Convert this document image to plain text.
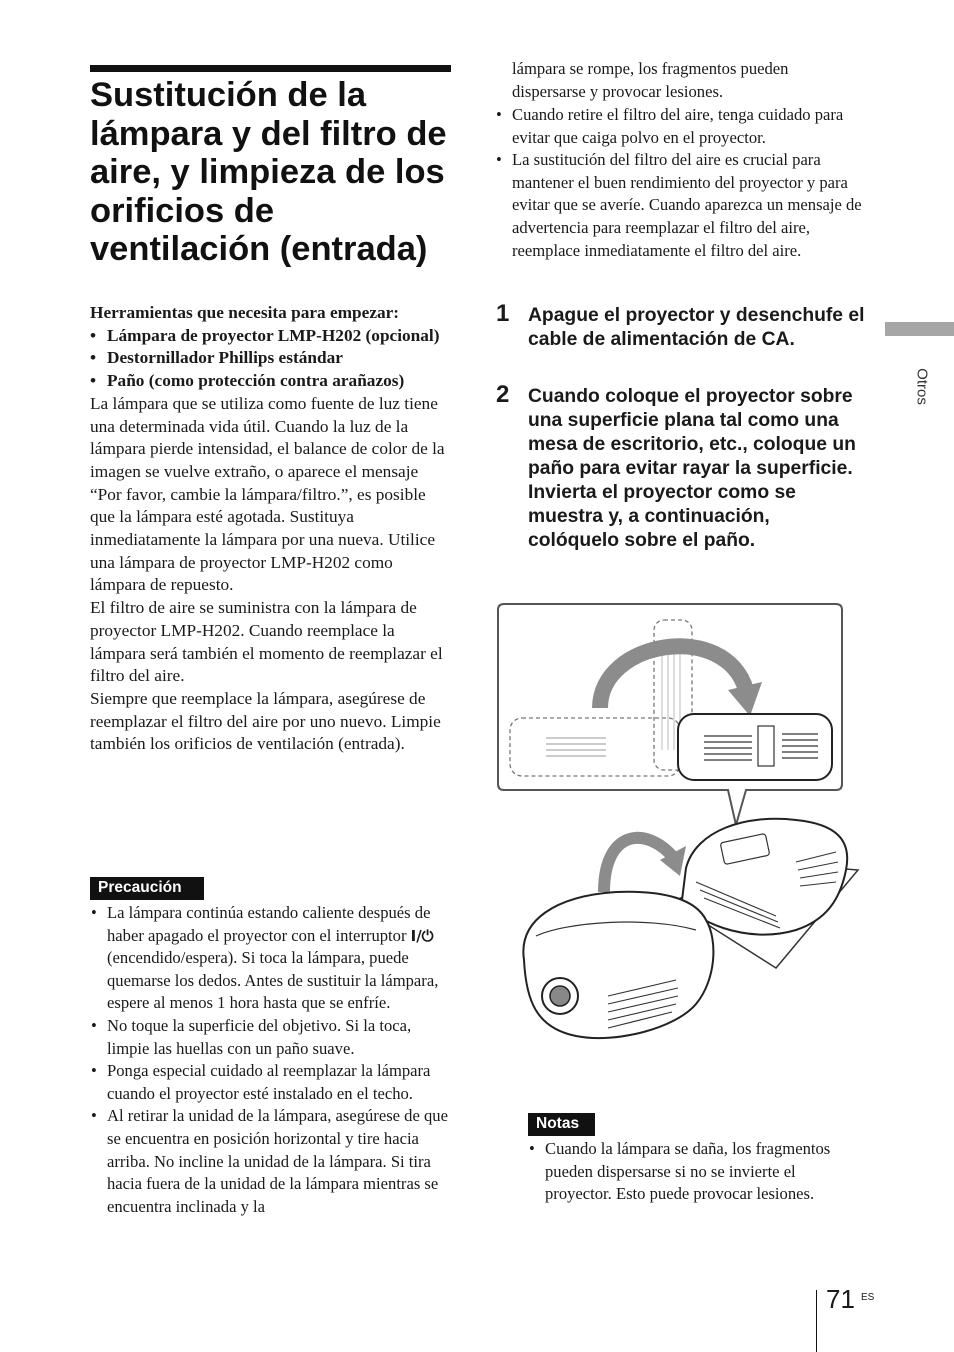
Sustitución de la lámpara y del filtro de aire, y limpieza de los orificios de ventilación (entrada)

Herramientas que necesita para empezar:

• Lámpara de proyector LMP-H202 (opcional)
• Destornillador Phillips estándar
• Paño (como protección contra arañazos)

La lámpara que se utiliza como fuente de luz tiene una determinada vida útil. Cuando la luz de la lámpara pierde intensidad, el balance de color de la imagen se vuelve extraño, o aparece el mensaje “Por favor, cambie la lámpara/filtro.”, es posible que la lámpara esté agotada. Sustituya inmediatamente la lámpara por una nueva. Utilice una lámpara de proyector LMP-H202 como lámpara de repuesto.

El filtro de aire se suministra con la lámpara de proyector LMP-H202. Cuando reemplace la lámpara será también el momento de reemplazar el filtro del aire.

Siempre que reemplace la lámpara, asegúrese de reemplazar el filtro del aire por uno nuevo. Limpie también los orificios de ventilación (entrada).

Precaución
• La lámpara continúa estando caliente después de haber apagado el proyector con el interruptor I/⏻ (encendido/espera). Si toca la lámpara, puede quemarse los dedos. Antes de sustituir la lámpara, espere al menos 1 hora hasta que se enfríe.
• No toque la superficie del objetivo. Si la toca, limpie las huellas con un paño suave.
• Ponga especial cuidado al reemplazar la lámpara cuando el proyector esté instalado en el techo.
• Al retirar la unidad de la lámpara, asegúrese de que se encuentra en posición horizontal y tire hacia arriba. No incline la unidad de la lámpara. Si tira hacia fuera de la unidad de la lámpara mientras se encuentra inclinada y la

lámpara se rompe, los fragmentos pueden dispersarse y provocar lesiones.

• Cuando retire el filtro del aire, tenga cuidado para evitar que caiga polvo en el proyector.
• La sustitución del filtro del aire es crucial para mantener el buen rendimiento del proyector y para evitar que se averíe. Cuando aparezca un mensaje de advertencia para reemplazar el filtro del aire, reemplace inmediatamente el filtro del aire.
1 Apague el proyector y desenchufe el cable de alimentación de CA.

2 Cuando coloque el proyector sobre una superficie plana tal como una mesa de escritorio, etc., coloque un paño para evitar rayar la superficie. Invierta el proyector como se muestra y, a continuación, colóquelo sobre el paño.

Otros
Notas
• Cuando la lámpara se daña, los fragmentos pueden dispersarse si no se invierte el proyector. Esto puede provocar lesiones.
71 ES
